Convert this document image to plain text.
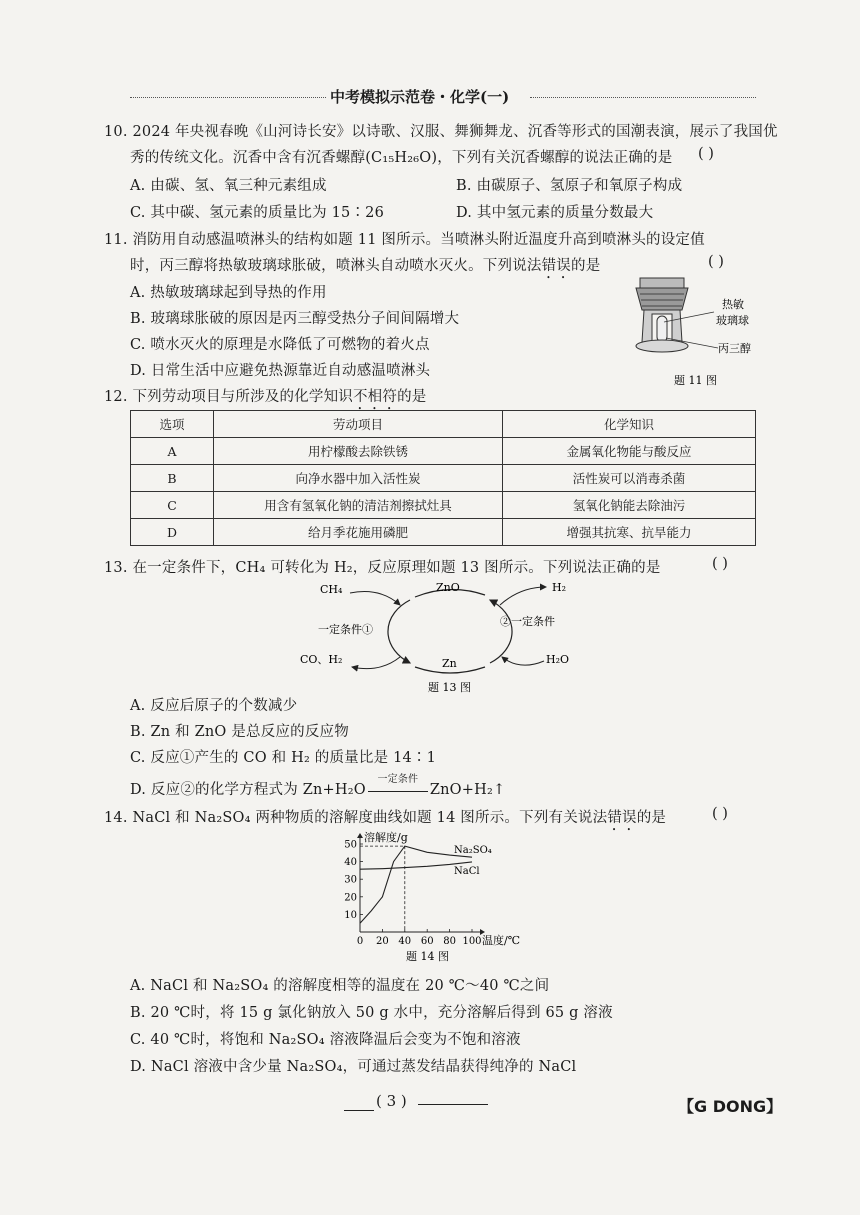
中考模拟示范卷・化学(一)
10. 2024 年央视春晚《山河诗长安》以诗歌、汉服、舞狮舞龙、沉香等形式的国潮表演，展示了我国优
秀的传统文化。沉香中含有沉香螺醇(C₁₅H₂₆O)，下列有关沉香螺醇的说法正确的是 ( )
A. 由碳、氢、氧三种元素组成	B. 由碳原子、氢原子和氧原子构成
C. 其中碳、氢元素的质量比为 15∶26	D. 其中氢元素的质量分数最大
11. 消防用自动感温喷淋头的结构如题 11 图所示。当喷淋头附近温度升高到喷淋头的设定值
时，丙三醇将热敏玻璃球胀破，喷淋头自动喷水灭火。下列说法错误的是	( )
A. 热敏玻璃球起到导热的作用
B. 玻璃球胀破的原因是丙三醇受热分子间间隔增大
C. 喷水灭火的原理是水降低了可燃物的着火点
D. 日常生活中应避免热源靠近自动感温喷淋头
热敏
玻璃球
丙三醇
题 11 图
12. 下列劳动项目与所涉及的化学知识不相符的是
选项	劳动项目	化学知识
A	用柠檬酸去除铁锈	金属氧化物能与酸反应
B	向净水器中加入活性炭	活性炭可以消毒杀菌
C	用含有氢氧化钠的清洁剂擦拭灶具	氢氧化钠能去除油污
D	给月季花施用磷肥	增强其抗寒、抗旱能力
13. 在一定条件下，CH₄ 可转化为 H₂，反应原理如题 13 图所示。下列说法正确的是	( )
CH₄	ZnO	H₂
一定条件①
②一定条件
CO、H₂	Zn	H₂O
题 13 图
A. 反应后原子的个数减少
B. Zn 和 ZnO 是总反应的反应物
C. 反应①产生的 CO 和 H₂ 的质量比是 14∶1
D. 反应②的化学方程式为 Zn+H₂O
一定条件
ZnO+H₂↑
14. NaCl 和 Na₂SO₄ 两种物质的溶解度曲线如题 14 图所示。下列有关说法错误的是	( )
0 20 40 60 80 100
10
20
30
40
50
Na₂SO₄
NaCl
溶解度/g
温度/℃
题 14 图
A. NaCl 和 Na₂SO₄ 的溶解度相等的温度在 20 ℃～40 ℃之间
B. 20 ℃时，将 15 g 氯化钠放入 50 g 水中，充分溶解后得到 65 g 溶液
C. 40 ℃时，将饱和 Na₂SO₄ 溶液降温后会变为不饱和溶液
D. NaCl 溶液中含少量 Na₂SO₄，可通过蒸发结晶获得纯净的 NaCl
( 3 )	【G DONG】
